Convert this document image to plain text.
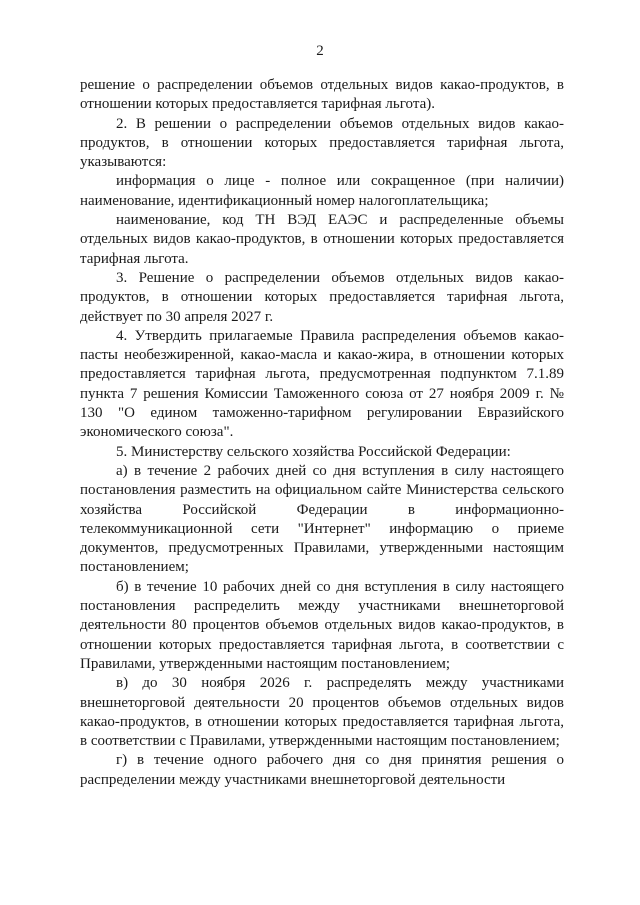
2

решение о распределении объемов отдельных видов какао-продуктов, в отношении которых предоставляется тарифная льгота).

2. В решении о распределении объемов отдельных видов какао-продуктов, в отношении которых предоставляется тарифная льгота, указываются:

информация о лице - полное или сокращенное (при наличии) наименование, идентификационный номер налогоплательщика;

наименование, код ТН ВЭД ЕАЭС и распределенные объемы отдельных видов какао-продуктов, в отношении которых предоставляется тарифная льгота.

3. Решение о распределении объемов отдельных видов какао-продуктов, в отношении которых предоставляется тарифная льгота, действует по 30 апреля 2027 г.

4. Утвердить прилагаемые Правила распределения объемов какао-пасты необезжиренной, какао-масла и какао-жира, в отношении которых предоставляется тарифная льгота, предусмотренная подпунктом 7.1.89 пункта 7 решения Комиссии Таможенного союза от 27 ноября 2009 г. № 130 "О едином таможенно-тарифном регулировании Евразийского экономического союза".

5. Министерству сельского хозяйства Российской Федерации:

а) в течение 2 рабочих дней со дня вступления в силу настоящего постановления разместить на официальном сайте Министерства сельского хозяйства Российской Федерации в информационно-телекоммуникационной сети "Интернет" информацию о приеме документов, предусмотренных Правилами, утвержденными настоящим постановлением;

б) в течение 10 рабочих дней со дня вступления в силу настоящего постановления распределить между участниками внешнеторговой деятельности 80 процентов объемов отдельных видов какао-продуктов, в отношении которых предоставляется тарифная льгота, в соответствии с Правилами, утвержденными настоящим постановлением;

в) до 30 ноября 2026 г. распределять между участниками внешнеторговой деятельности 20 процентов объемов отдельных видов какао-продуктов, в отношении которых предоставляется тарифная льгота, в соответствии с Правилами, утвержденными настоящим постановлением;

г) в течение одного рабочего дня со дня принятия решения о распределении между участниками внешнеторговой деятельности
